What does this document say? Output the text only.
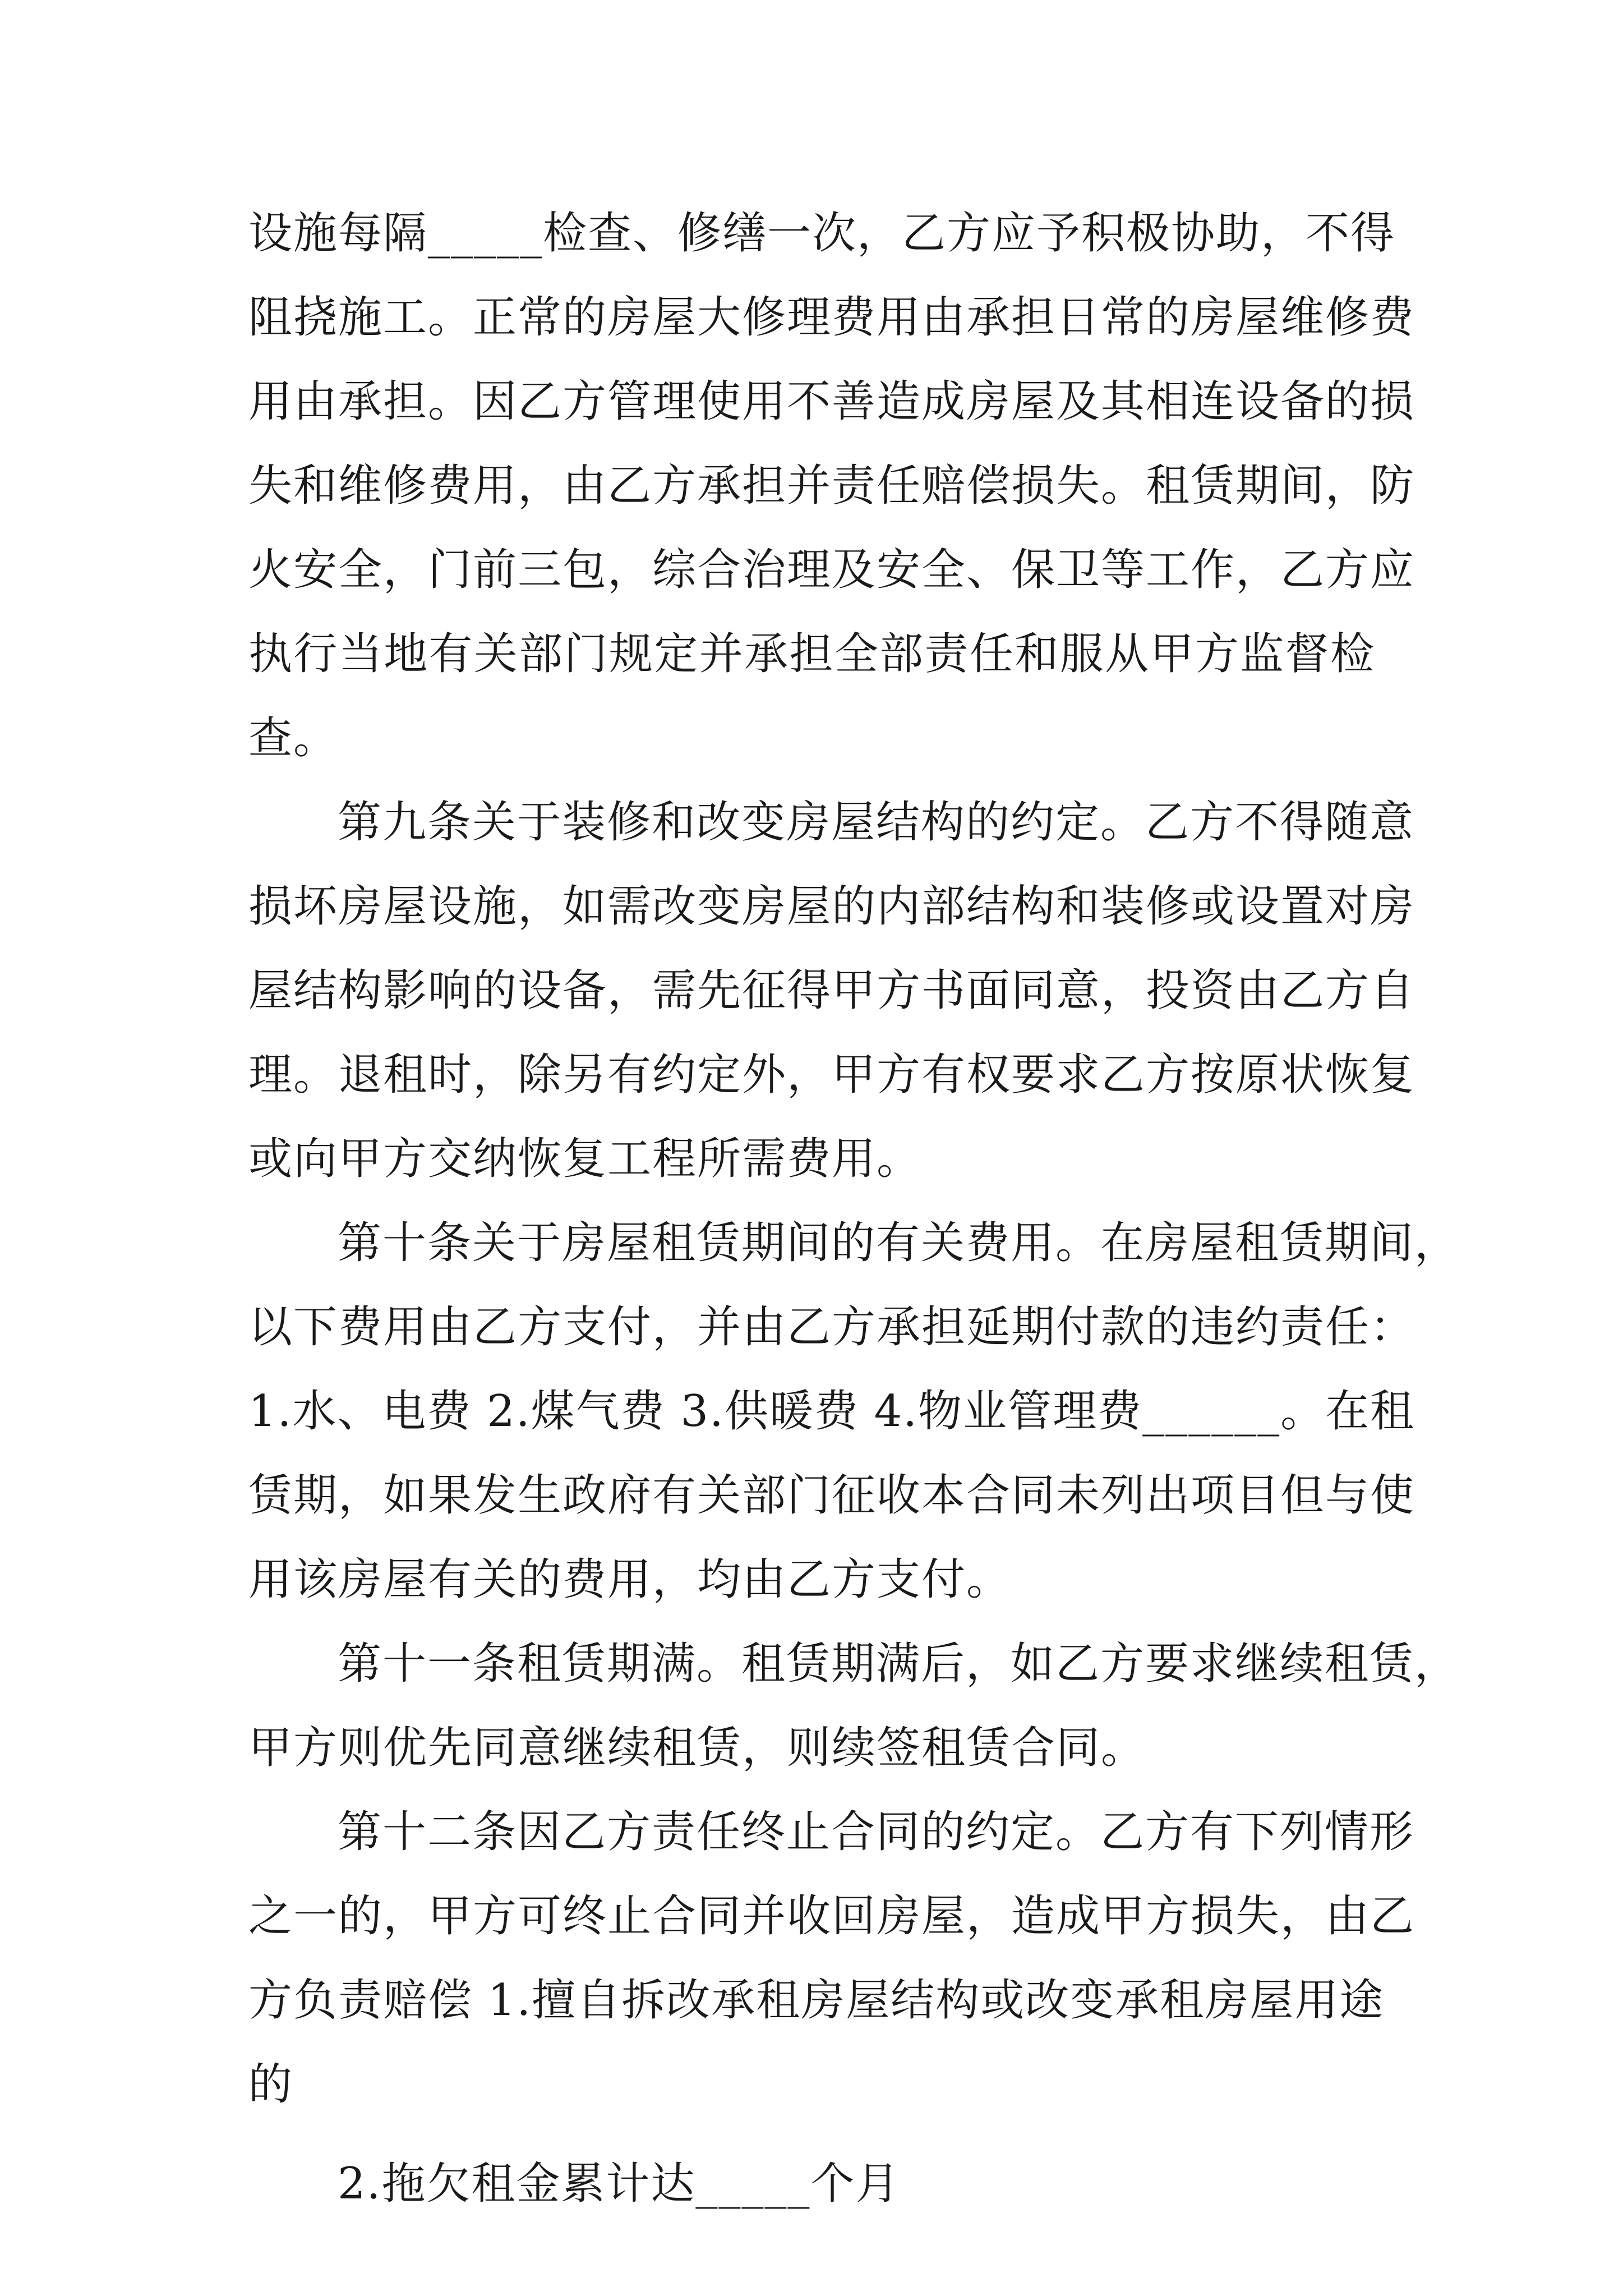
设施每隔_____检查、修缮一次，乙方应予积极协助，不得
阻挠施工。正常的房屋大修理费用由承担日常的房屋维修费
用由承担。因乙方管理使用不善造成房屋及其相连设备的损
失和维修费用，由乙方承担并责任赔偿损失。租赁期间，防
火安全，门前三包，综合治理及安全、保卫等工作，乙方应
执行当地有关部门规定并承担全部责任和服从甲方监督检
查。
第九条关于装修和改变房屋结构的约定。乙方不得随意
损坏房屋设施，如需改变房屋的内部结构和装修或设置对房
屋结构影响的设备，需先征得甲方书面同意，投资由乙方自
理。退租时，除另有约定外，甲方有权要求乙方按原状恢复
或向甲方交纳恢复工程所需费用。
第十条关于房屋租赁期间的有关费用。在房屋租赁期间，
以下费用由乙方支付，并由乙方承担延期付款的违约责任：
1.水、电费 2.煤气费 3.供暖费 4.物业管理费______。在租
赁期，如果发生政府有关部门征收本合同未列出项目但与使
用该房屋有关的费用，均由乙方支付。
第十一条租赁期满。租赁期满后，如乙方要求继续租赁，
甲方则优先同意继续租赁，则续签租赁合同。
第十二条因乙方责任终止合同的约定。乙方有下列情形
之一的，甲方可终止合同并收回房屋，造成甲方损失，由乙
方负责赔偿 1.擅自拆改承租房屋结构或改变承租房屋用途
的
2.拖欠租金累计达_____个月
